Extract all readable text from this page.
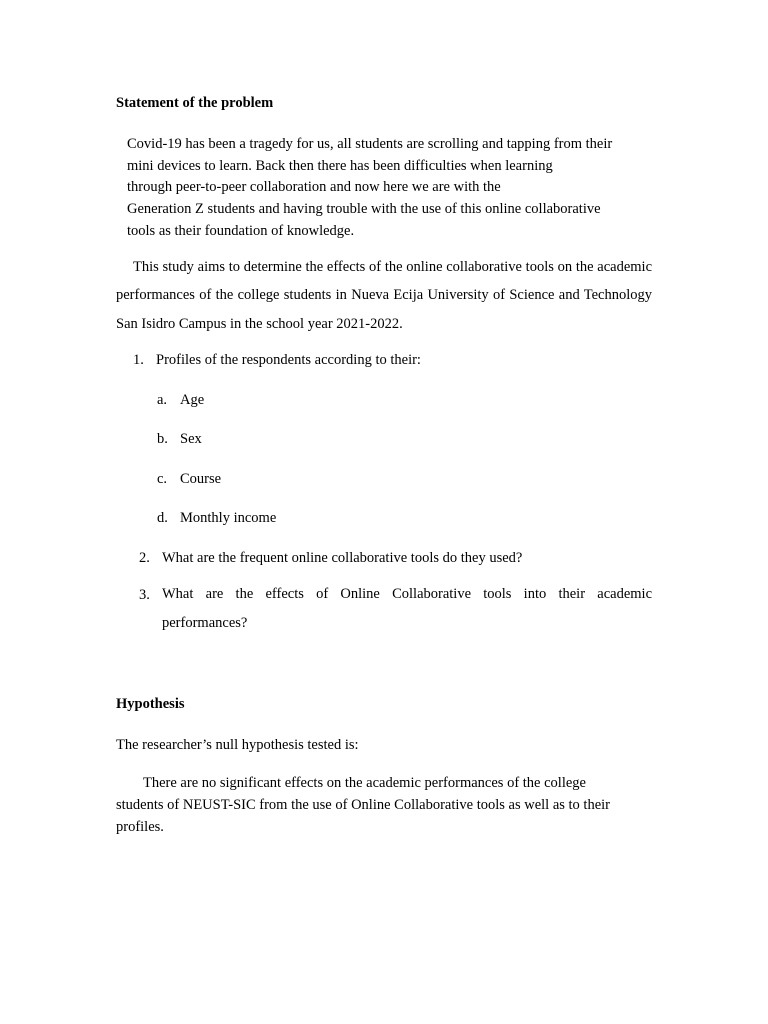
Statement of the problem

Covid-19 has been a tragedy for us, all students are scrolling and tapping from their
mini devices to learn. Back then there has been difficulties when learning
through peer-to-peer collaboration and now here we are with the
Generation Z students and having trouble with the use of this online collaborative
tools as their foundation of knowledge.

This study aims to determine the effects of the online collaborative tools on the academic performances of the college students in Nueva Ecija University of Science and Technology San Isidro Campus in the school year 2021-2022.

1. Profiles of the respondents according to their:
a. Age
b. Sex
c. Course
d. Monthly income
2. What are the frequent online collaborative tools do they used?
3. What are the effects of Online Collaborative tools into their academic performances?
Hypothesis

The researcher’s null hypothesis tested is:

There are no significant effects on the academic performances of the college
students of NEUST-SIC from the use of Online Collaborative tools as well as to their
profiles.
